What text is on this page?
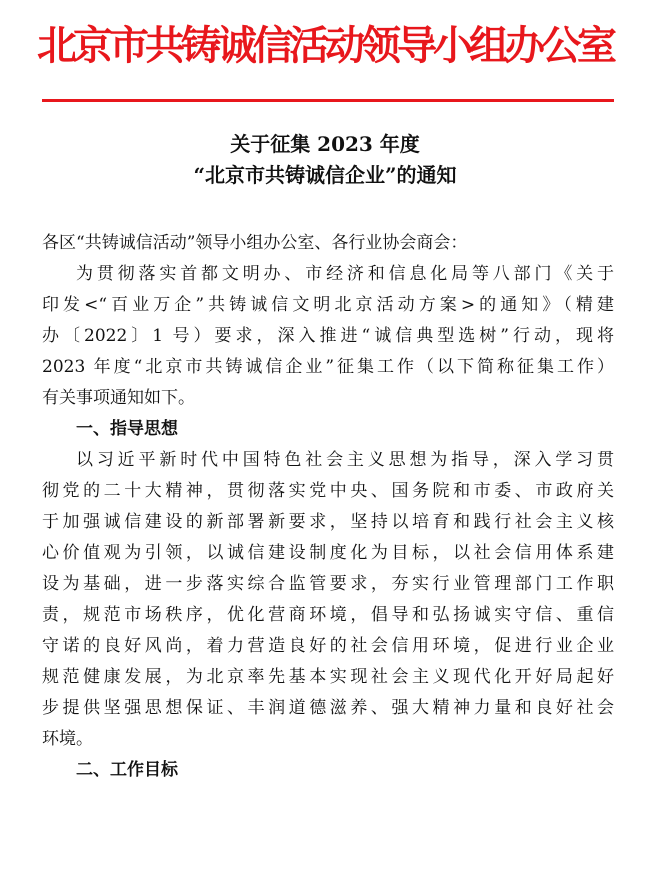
北京市共铸诚信活动领导小组办公室
关于征集 2023 年度
“北京市共铸诚信企业”的通知
各区“共铸诚信活动”领导小组办公室、各行业协会商会：
为贯彻落实首都文明办、市经济和信息化局等八部门《关于
印发<“百业万企”共铸诚信文明北京活动方案>的通知》（精建
办〔2022〕1 号）要求，深入推进“诚信典型选树”行动，现将
2023 年度“北京市共铸诚信企业”征集工作（以下简称征集工作）
有关事项通知如下。
一、指导思想
以习近平新时代中国特色社会主义思想为指导，深入学习贯
彻党的二十大精神，贯彻落实党中央、国务院和市委、市政府关
于加强诚信建设的新部署新要求，坚持以培育和践行社会主义核
心价值观为引领，以诚信建设制度化为目标，以社会信用体系建
设为基础，进一步落实综合监管要求，夯实行业管理部门工作职
责，规范市场秩序，优化营商环境，倡导和弘扬诚实守信、重信
守诺的良好风尚，着力营造良好的社会信用环境，促进行业企业
规范健康发展，为北京率先基本实现社会主义现代化开好局起好
步提供坚强思想保证、丰润道德滋养、强大精神力量和良好社会
环境。
二、工作目标
